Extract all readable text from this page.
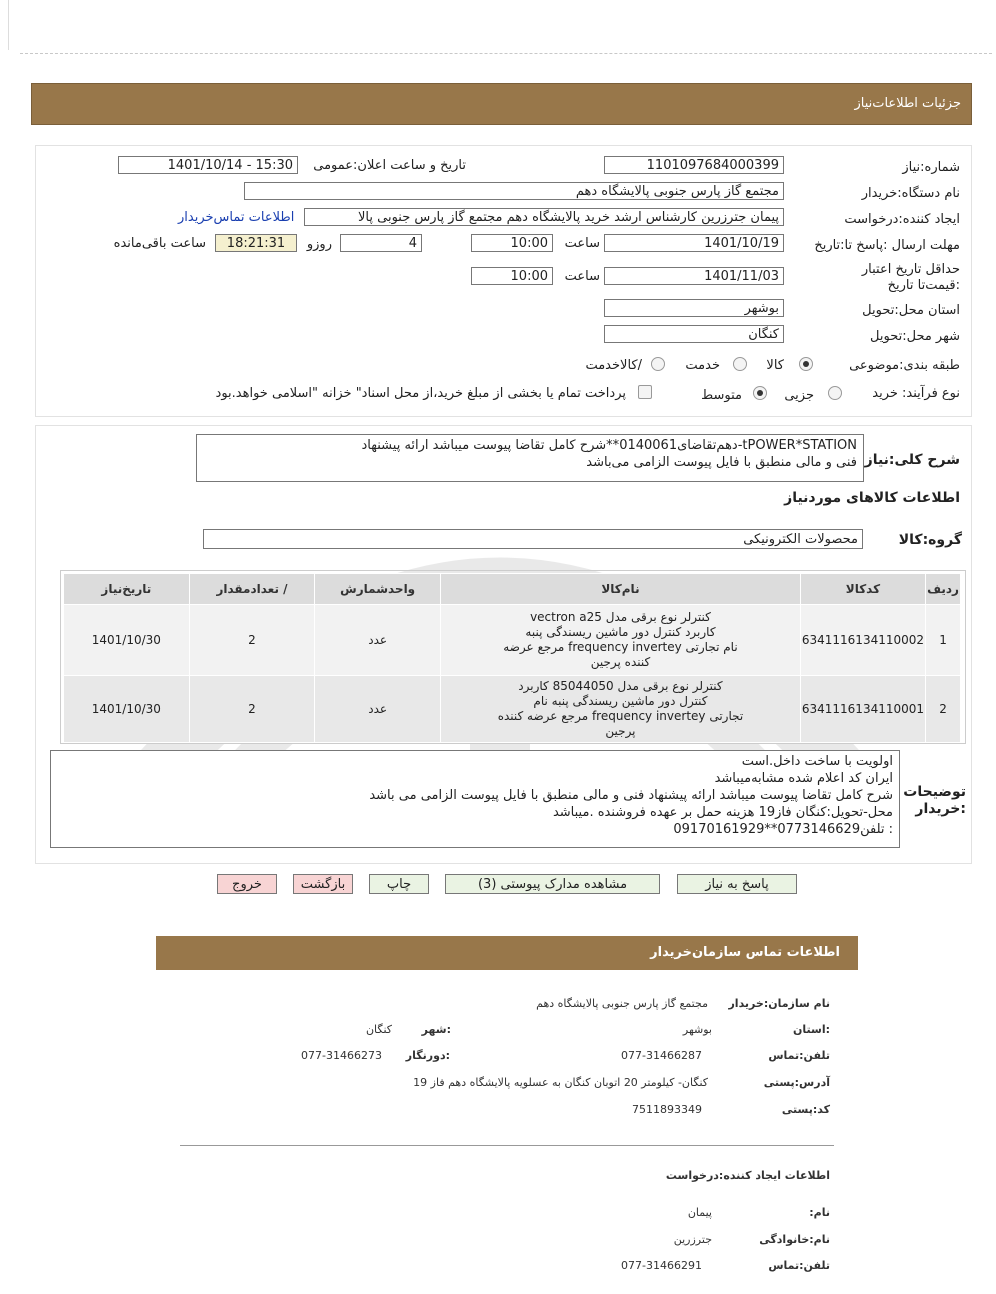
جزئیات اطلاعات‌نیاز
شماره:نیاز
1101097684000399
تاریخ و ساعت اعلان:عمومی
1401/10/14 - 15:30
نام دستگاه:خریدار
مجتمع گاز پارس جنوبی پالایشگاه دهم
ایجاد کننده:درخواست
پیمان جترزرین کارشناس ارشد خرید پالایشگاه دهم مجتمع گاز پارس جنوبی پالا
اطلاعات تماس‌خریدار
مهلت ارسال :پاسخ تا:تاریخ
1401/10/19
ساعت
10:00
4
روزو
18:21:31
ساعت باقی‌مانده
حداقل تاریخ اعتبار :قیمت‌تا تاریخ
1401/11/03
ساعت
10:00
استان محل:تحویل
بوشهر
شهر محل:تحویل
کنگان
طبقه بندی:موضوعی
کالا
خدمت
/کالاخدمت
نوع فرآیند: خرید
جزیی
متوسط
پرداخت تمام یا بخشی از مبلغ خرید،از محل اسناد" خزانه "اسلامی خواهد.بود
شرح کلی:نیاز
tPOWER*STATION-دهم‌تقاضای0140061**شرح کامل تقاضا پیوست میباشد ارائه پیشنهاد
فنی و مالی منطبق با فایل پیوست الزامی می‌باشد
اطلاعات کالاهای موردنیاز
گروه:کالا
محصولات الکترونیکی
ردیف	کدکالا	نام‌کالا	واحدشمارش	/ تعدادمقدار	تاریخ‌نیاز
1	6341116134110002	کنترلر نوع برقی مدل vectron a25
کاربرد کنترل دور ماشین ریسندگی پنبه
نام تجارتی frequency invertey مرجع عرضه
کننده پرجین	عدد	2	1401/10/30
2	6341116134110001	کنترلر نوع برقی مدل 85044050 کاربرد
کنترل دور ماشین ریسندگی پنبه نام
تجارتی frequency invertey مرجع عرضه کننده
پرجین	عدد	2	1401/10/30
توضیحات :خریدار
اولویت با ساخت داخل.است
ایران کد اعلام شده مشابه‌میباشد
شرح کامل تقاضا پیوست میباشد ارائه پیشنهاد فنی و مالی منطبق با فایل پیوست الزامی می باشد
محل-تحویل:کنگان فاز19 هزینه حمل بر عهده فروشنده .میباشد
: تلفن0773146629**09170161929
پاسخ به نیاز
مشاهده مدارک پیوستی (3)
چاپ
بازگشت
خروج
اطلاعات تماس سازمان‌خریدار
نام سازمان:خریدار
مجتمع گاز پارس جنوبی پالایشگاه دهم
:استان
بوشهر
:شهر
کنگان
تلفن:تماس
077-31466287
:دورنگار
077-31466273
آدرس:پستی
کنگان- کیلومتر 20 اتوبان کنگان به عسلویه پالایشگاه دهم فاز 19
کد:پستی
7511893349
اطلاعات ایجاد کننده:درخواست
نام:
پیمان
نام:خانوادگی
جترزرین
تلفن:تماس
077-31466291
